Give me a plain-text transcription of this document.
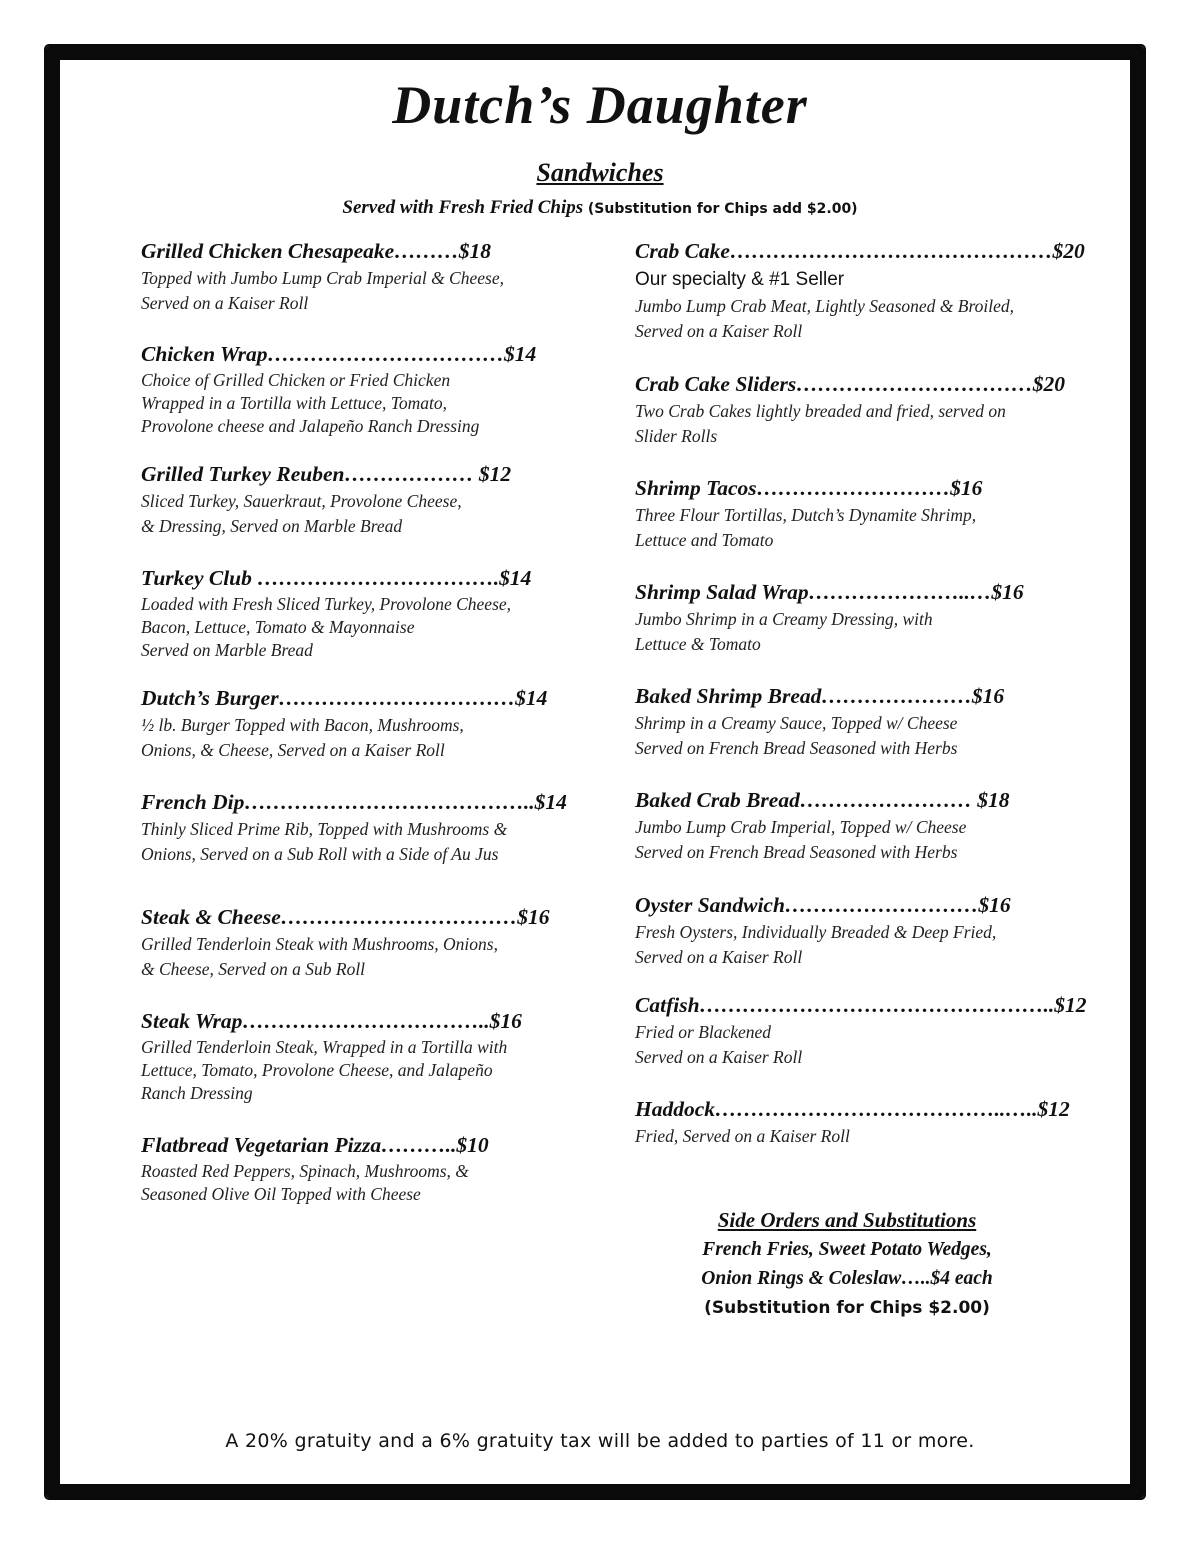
Dutch’s Daughter
Sandwiches
Served with Fresh Fried Chips (Substitution for Chips add $2.00)
Grilled Chicken Chesapeake………$18
Topped with Jumbo Lump Crab Imperial & Cheese,
Served on a Kaiser Roll
Chicken Wrap……………………………$14
Choice of Grilled Chicken or Fried Chicken
Wrapped in a Tortilla with Lettuce, Tomato,
Provolone cheese and Jalapeño Ranch Dressing
Grilled Turkey Reuben……………… $12
Sliced Turkey, Sauerkraut, Provolone Cheese,
& Dressing, Served on Marble Bread
Turkey Club …………………………….$14
Loaded with Fresh Sliced Turkey, Provolone Cheese,
Bacon, Lettuce, Tomato & Mayonnaise
Served on Marble Bread
Dutch’s Burger……………………………$14
½ lb. Burger Topped with Bacon, Mushrooms,
Onions, & Cheese, Served on a Kaiser Roll
French Dip…………………………………..$14
Thinly Sliced Prime Rib, Topped with Mushrooms &
Onions, Served on a Sub Roll with a Side of Au Jus
Steak & Cheese……………………………$16
Grilled Tenderloin Steak with Mushrooms, Onions,
& Cheese, Served on a Sub Roll
Steak Wrap……………………………..$16
Grilled Tenderloin Steak, Wrapped in a Tortilla with
Lettuce, Tomato, Provolone Cheese, and Jalapeño
Ranch Dressing
Flatbread Vegetarian Pizza………..$10
Roasted Red Peppers, Spinach, Mushrooms, &
Seasoned Olive Oil Topped with Cheese
Crab Cake………………………………………$20
Our specialty & #1 Seller
Jumbo Lump Crab Meat, Lightly Seasoned & Broiled,
Served on a Kaiser Roll
Crab Cake Sliders……………………………$20
Two Crab Cakes lightly breaded and fried, served on
Slider Rolls
Shrimp Tacos………………………$16
Three Flour Tortillas, Dutch’s Dynamite Shrimp,
Lettuce and Tomato
Shrimp Salad Wrap…………………..…$16
Jumbo Shrimp in a Creamy Dressing, with
Lettuce & Tomato
Baked Shrimp Bread…………………$16
Shrimp in a Creamy Sauce, Topped w/ Cheese
Served on French Bread Seasoned with Herbs
Baked Crab Bread…………………… $18
Jumbo Lump Crab Imperial, Topped w/ Cheese
Served on French Bread Seasoned with Herbs
Oyster Sandwich………………………$16
Fresh Oysters, Individually Breaded & Deep Fried,
Served on a Kaiser Roll
Catfish…………………………………………..$12
Fried or Blackened
Served on a Kaiser Roll
Haddock…………………………………..…..$12
Fried, Served on a Kaiser Roll
Side Orders and Substitutions
French Fries, Sweet Potato Wedges,
Onion Rings & Coleslaw…..$4 each
(Substitution for Chips $2.00)
A 20% gratuity and a 6% gratuity tax will be added to parties of 11 or more.
